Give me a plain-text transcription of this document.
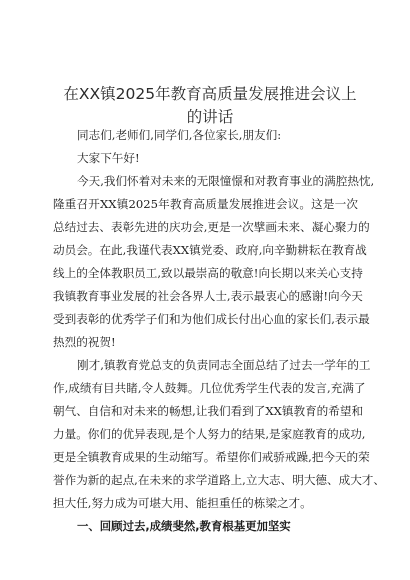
在XX镇2025年教育高质量发展推进会议上
的讲话
同志们,老师们,同学们,各位家长,朋友们:
大家下午好!
今天,我们怀着对未来的无限憧憬和对教育事业的满腔热忱,
隆重召开XX镇2025年教育高质量发展推进会议。这是一次
总结过去、表彰先进的庆功会,更是一次擘画未来、凝心聚力的
动员会。在此,我谨代表XX镇党委、政府,向辛勤耕耘在教育战
线上的全体教职员工,致以最崇高的敬意!向长期以来关心支持
我镇教育事业发展的社会各界人士,表示最衷心的感谢!向今天
受到表彰的优秀学子们和为他们成长付出心血的家长们,表示最
热烈的祝贺!
刚才,镇教育党总支的负责同志全面总结了过去一学年的工
作,成绩有目共睹,令人鼓舞。几位优秀学生代表的发言,充满了
朝气、自信和对未来的畅想,让我们看到了XX镇教育的希望和
力量。你们的优异表现,是个人努力的结果,是家庭教育的成功,
更是全镇教育成果的生动缩写。希望你们戒骄戒躁,把今天的荣
誉作为新的起点,在未来的求学道路上,立大志、明大德、成大才、
担大任,努力成为可堪大用、能担重任的栋梁之才。
一、回顾过去,成绩斐然,教育根基更加坚实
